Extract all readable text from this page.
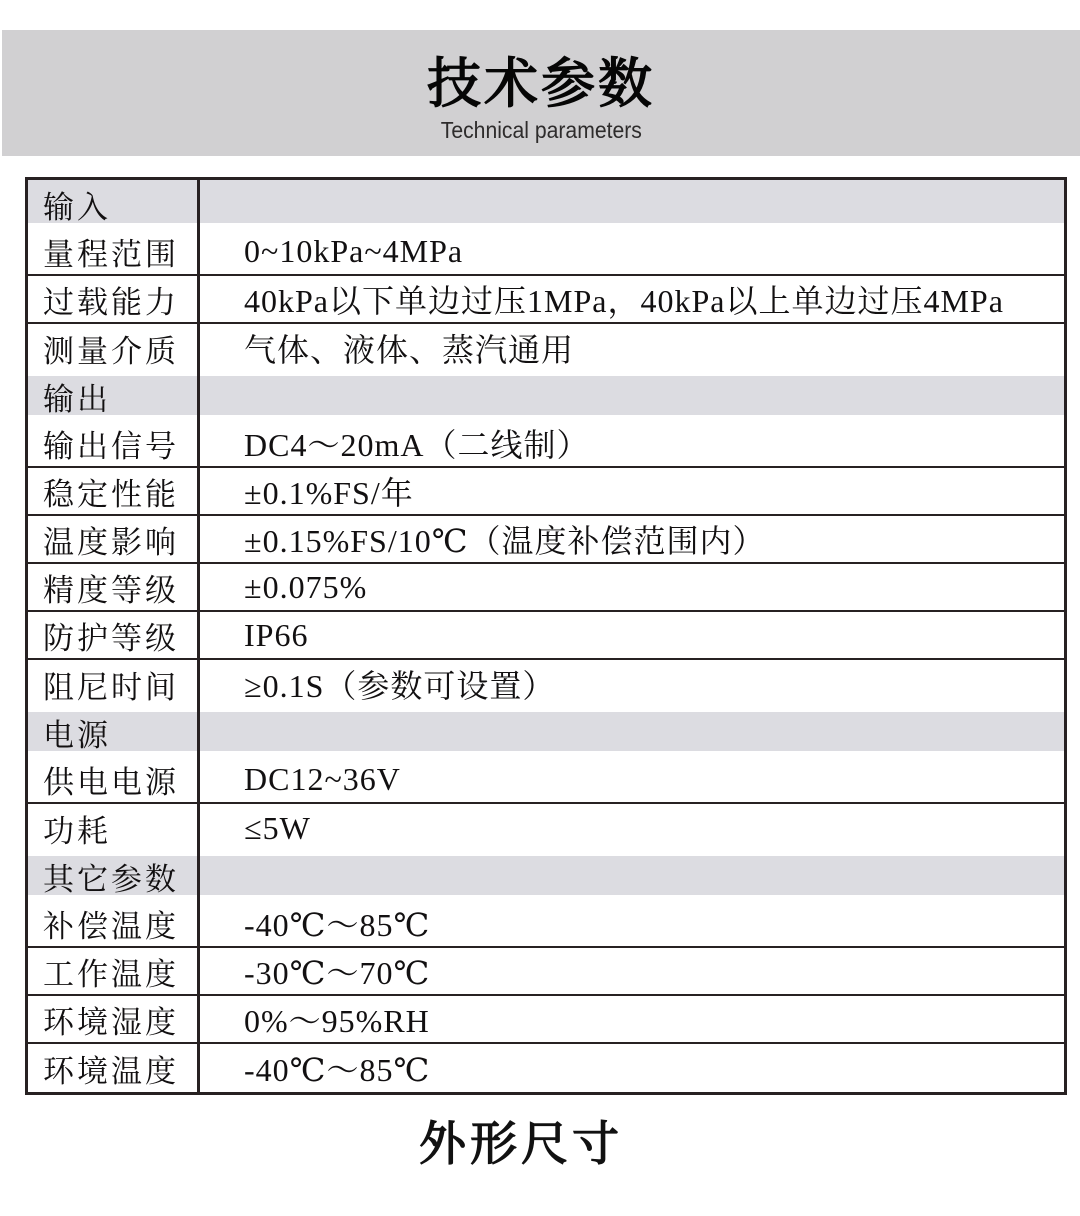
技术参数
Technical parameters
输入	
量程范围	0~10kPa~4MPa
过载能力	40kPa以下单边过压1MPa，40kPa以上单边过压4MPa
测量介质	气体、液体、蒸汽通用
输出	
输出信号	DC4～20mA（二线制）
稳定性能	±0.1%FS/年
温度影响	±0.15%FS/10℃（温度补偿范围内）
精度等级	±0.075%
防护等级	IP66
阻尼时间	≥0.1S（参数可设置）
电源	
供电电源	DC12~36V
功耗	≤5W
其它参数	
补偿温度	-40℃～85℃
工作温度	-30℃～70℃
环境湿度	0%～95%RH
环境温度	-40℃～85℃
外形尺寸
